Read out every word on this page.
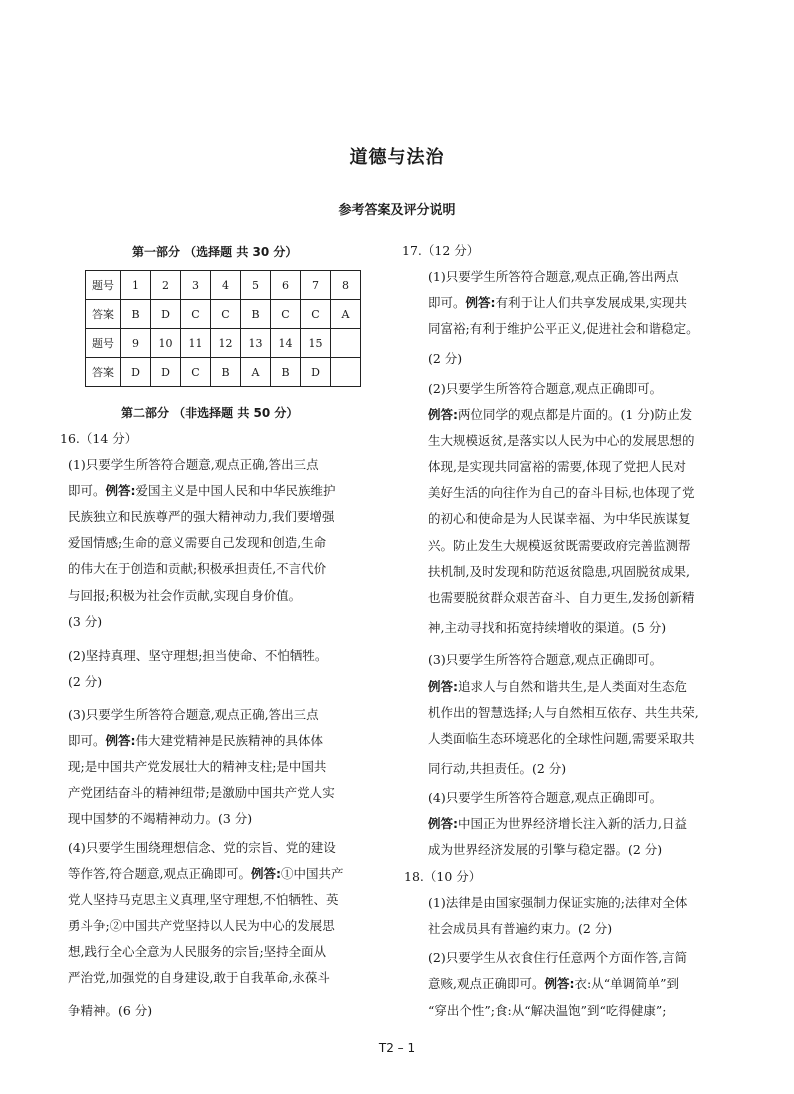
道德与法治
参考答案及评分说明
第一部分 （选择题 共 30 分）
题号	1	2	3	4	5	6	7	8
答案	B	D	C	C	B	C	C	A
题号	9	10	11	12	13	14	15	
答案	D	D	C	B	A	B	D	
第二部分 （非选择题 共 50 分）
16.（14 分）
(1)只要学生所答符合题意,观点正确,答出三点
即可。例答:爱国主义是中国人民和中华民族维护
民族独立和民族尊严的强大精神动力,我们要增强
爱国情感;生命的意义需要自己发现和创造,生命
的伟大在于创造和贡献;积极承担责任,不言代价
与回报;积极为社会作贡献,实现自身价值。
(3 分)
(2)坚持真理、坚守理想;担当使命、不怕牺牲。
(2 分)
(3)只要学生所答符合题意,观点正确,答出三点
即可。例答:伟大建党精神是民族精神的具体体
现;是中国共产党发展壮大的精神支柱;是中国共
产党团结奋斗的精神纽带;是激励中国共产党人实
现中国梦的不竭精神动力。(3 分)
(4)只要学生围绕理想信念、党的宗旨、党的建设
等作答,符合题意,观点正确即可。例答:①中国共产
党人坚持马克思主义真理,坚守理想,不怕牺牲、英
勇斗争;②中国共产党坚持以人民为中心的发展思
想,践行全心全意为人民服务的宗旨;坚持全面从
严治党,加强党的自身建设,敢于自我革命,永葆斗
争精神。(6 分)
17.（12 分）
(1)只要学生所答符合题意,观点正确,答出两点
即可。例答:有利于让人们共享发展成果,实现共
同富裕;有利于维护公平正义,促进社会和谐稳定。
(2 分)
(2)只要学生所答符合题意,观点正确即可。
例答:两位同学的观点都是片面的。(1 分)防止发
生大规模返贫,是落实以人民为中心的发展思想的
体现,是实现共同富裕的需要,体现了党把人民对
美好生活的向往作为自己的奋斗目标,也体现了党
的初心和使命是为人民谋幸福、为中华民族谋复
兴。防止发生大规模返贫既需要政府完善监测帮
扶机制,及时发现和防范返贫隐患,巩固脱贫成果,
也需要脱贫群众艰苦奋斗、自力更生,发扬创新精
神,主动寻找和拓宽持续增收的渠道。(5 分)
(3)只要学生所答符合题意,观点正确即可。
例答:追求人与自然和谐共生,是人类面对生态危
机作出的智慧选择;人与自然相互依存、共生共荣,
人类面临生态环境恶化的全球性问题,需要采取共
同行动,共担责任。(2 分)
(4)只要学生所答符合题意,观点正确即可。
例答:中国正为世界经济增长注入新的活力,日益
成为世界经济发展的引擎与稳定器。(2 分)
18.（10 分）
(1)法律是由国家强制力保证实施的;法律对全体
社会成员具有普遍约束力。(2 分)
(2)只要学生从衣食住行任意两个方面作答,言简
意赅,观点正确即可。例答:衣:从“单调简单”到
“穿出个性”;食:从“解决温饱”到“吃得健康”;
T2 – 1
